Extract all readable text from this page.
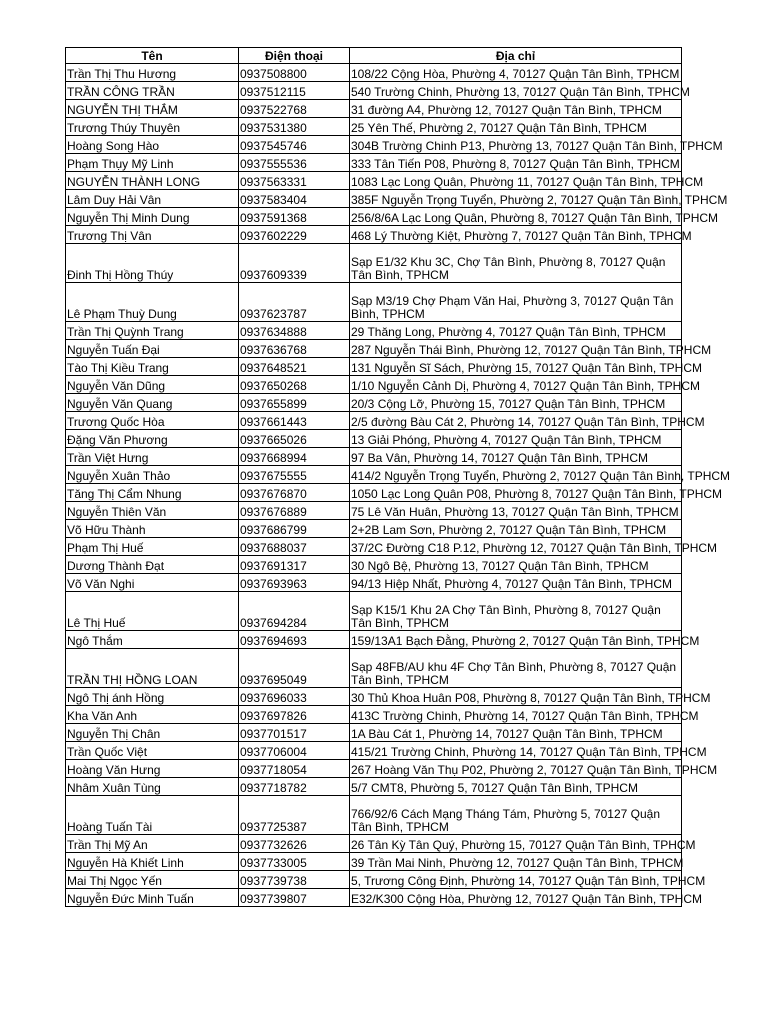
Tên	Điện thoại	Địa chỉ
Trần Thị Thu Hương	0937508800	108/22 Cộng Hòa, Phường 4, 70127 Quận Tân Bình, TPHCM
TRẦN CÔNG TRẦN	0937512115	540 Trường Chinh, Phường 13, 70127 Quận Tân Bình, TPHCM
NGUYỄN THỊ THẮM	0937522768	31 đường A4, Phường 12, 70127 Quận Tân Bình, TPHCM
Trương Thúy Thuyên	0937531380	25 Yên Thế, Phường 2, 70127 Quận Tân Bình, TPHCM
Hoàng Song Hào	0937545746	304B Trường Chinh P13, Phường 13, 70127 Quận Tân Bình, TPHCM
Phạm Thụy Mỹ Linh	0937555536	333 Tân Tiến P08, Phường 8, 70127 Quận Tân Bình, TPHCM
NGUYỄN THÀNH LONG	0937563331	1083 Lạc Long Quân, Phường 11, 70127 Quận Tân Bình, TPHCM
Lâm Duy Hải Vân	0937583404	385F Nguyễn Trọng Tuyển, Phường 2, 70127 Quận Tân Bình, TPHCM
Nguyễn Thị Minh Dung	0937591368	256/8/6A Lạc Long Quân, Phường 8, 70127 Quận Tân Bình, TPHCM
Trương Thị Vân	0937602229	468 Lý Thường Kiệt, Phường 7, 70127 Quận Tân Bình, TPHCM
Đinh Thị Hồng Thúy	0937609339	Sạp E1/32 Khu 3C, Chợ Tân Bình, Phường 8, 70127 Quận Tân Bình, TPHCM
Lê Phạm Thuỳ Dung	0937623787	Sạp M3/19 Chợ Phạm Văn Hai, Phường 3, 70127 Quận Tân Bình, TPHCM
Trần Thị Quỳnh Trang	0937634888	29 Thăng Long, Phường 4, 70127 Quận Tân Bình, TPHCM
Nguyễn Tuấn Đại	0937636768	287 Nguyễn Thái Bình, Phường 12, 70127 Quận Tân Bình, TPHCM
Tào Thị Kiều Trang	0937648521	131 Nguyễn Sĩ Sách, Phường 15, 70127 Quận Tân Bình, TPHCM
Nguyễn Văn Dũng	0937650268	1/10 Nguyễn Cảnh Dị, Phường 4, 70127 Quận Tân Bình, TPHCM
Nguyễn Văn Quang	0937655899	20/3 Cộng Lỡ, Phường 15, 70127 Quận Tân Bình, TPHCM
Trương Quốc Hòa	0937661443	2/5 đường Bàu Cát 2, Phường 14, 70127 Quận Tân Bình, TPHCM
Đặng Văn Phương	0937665026	13 Giải Phóng, Phường 4, 70127 Quận Tân Bình, TPHCM
Trần Việt Hưng	0937668994	97 Ba Vân, Phường 14, 70127 Quận Tân Bình, TPHCM
Nguyễn Xuân Thảo	0937675555	414/2 Nguyễn Trọng Tuyển, Phường 2, 70127 Quận Tân Bình, TPHCM
Tăng Thị Cẩm Nhung	0937676870	1050 Lạc Long Quân P08, Phường 8, 70127 Quận Tân Bình, TPHCM
Nguyễn Thiên Văn	0937676889	75 Lê Văn Huân, Phường 13, 70127 Quận Tân Bình, TPHCM
Võ Hữu Thành	0937686799	2+2B Lam Sơn, Phường 2, 70127 Quận Tân Bình, TPHCM
Phạm Thị Huế	0937688037	37/2C Đường C18 P.12, Phường 12, 70127 Quận Tân Bình, TPHCM
Dương Thành Đạt	0937691317	30 Ngô Bệ, Phường 13, 70127 Quận Tân Bình, TPHCM
Võ Văn Nghi	0937693963	94/13 Hiệp Nhất, Phường 4, 70127 Quận Tân Bình, TPHCM
Lê Thị Huế	0937694284	Sạp K15/1 Khu 2A Chợ Tân Bình, Phường 8, 70127 Quận Tân Bình, TPHCM
Ngô Thắm	0937694693	159/13A1 Bạch Đằng, Phường 2, 70127 Quận Tân Bình, TPHCM
TRẦN THỊ HỒNG LOAN	0937695049	Sạp 48FB/AU khu 4F Chợ Tân Bình, Phường 8, 70127 Quận Tân Bình, TPHCM
Ngô Thị ánh Hồng	0937696033	30 Thủ Khoa Huân P08, Phường 8, 70127 Quận Tân Bình, TPHCM
Kha Văn Anh	0937697826	413C Trường Chinh, Phường 14, 70127 Quận Tân Bình, TPHCM
Nguyễn Thị Chân	0937701517	1A Bàu Cát 1, Phường 14, 70127 Quận Tân Bình, TPHCM
Trần Quốc Việt	0937706004	415/21 Trường Chinh, Phường 14, 70127 Quận Tân Bình, TPHCM
Hoàng Văn Hưng	0937718054	267 Hoàng Văn Thụ P02, Phường 2, 70127 Quận Tân Bình, TPHCM
Nhâm Xuân Tùng	0937718782	5/7 CMT8, Phường 5, 70127 Quận Tân Bình, TPHCM
Hoàng Tuấn Tài	0937725387	766/92/6 Cách Mạng Tháng Tám, Phường 5, 70127 Quận Tân Bình, TPHCM
Trần Thị Mỹ An	0937732626	26 Tân Kỳ Tân Quý, Phường 15, 70127 Quận Tân Bình, TPHCM
Nguyễn Hà Khiết Linh	0937733005	39 Trần Mai Ninh, Phường 12, 70127 Quận Tân Bình, TPHCM
Mai Thị Ngọc Yến	0937739738	5, Trương Công Định, Phường 14, 70127 Quận Tân Bình, TPHCM
Nguyễn Đức Minh Tuấn	0937739807	E32/K300 Cộng Hòa, Phường 12, 70127 Quận Tân Bình, TPHCM
